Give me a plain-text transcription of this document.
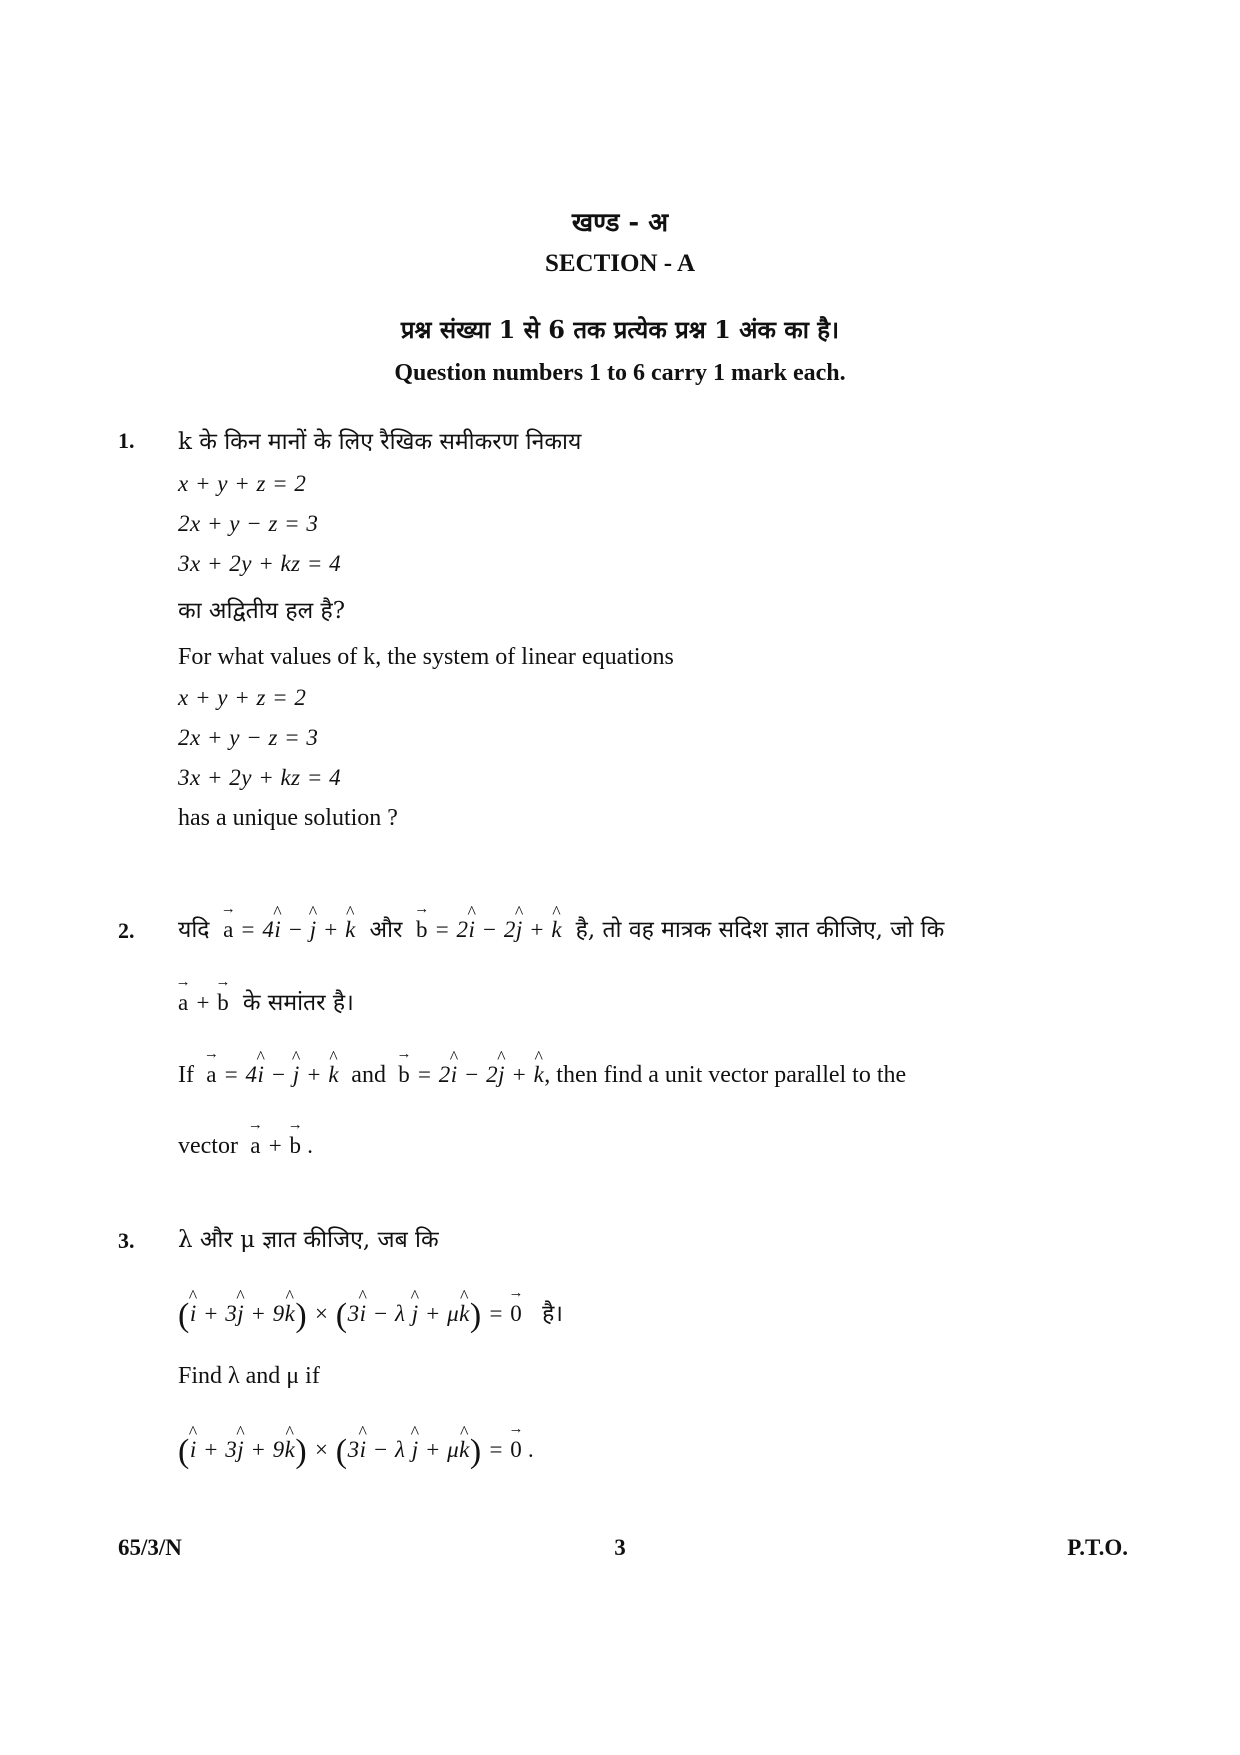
खण्ड - अ
SECTION - A
प्रश्न संख्या 1 से 6 तक प्रत्येक प्रश्न 1 अंक का है।
Question numbers 1 to 6 carry 1 mark each.
1. k के किन मानों के लिए रैखिक समीकरण निकाय
x + y + z = 2
2x + y − z = 3
3x + 2y + kz = 4
का अद्वितीय हल है?
For what values of k, the system of linear equations
x + y + z = 2
2x + y − z = 3
3x + 2y + kz = 4
has a unique solution ?
2. यदि → a = 4^ i − ^ j + ^ k और → b = 2^ i − 2^ j + ^ k है, तो वह मात्रक सदिश ज्ञात कीजिए, जो कि
→ a + → b के समांतर है।
If → a = 4^ i − ^ j + ^ k and → b = 2^ i − 2^ j + ^ k, then find a unit vector parallel to the
vector → a + → b .
3. λ और μ ज्ञात कीजिए, जब कि
(^ i + 3^ j + 9^ k) × (3^ i − λ ^ j + μ^ k) = → 0 है।
Find λ and μ if
(^ i + 3^ j + 9^ k) × (3^ i − λ ^ j + μ^ k) = → 0 .
65/3/N	3	P.T.O.
